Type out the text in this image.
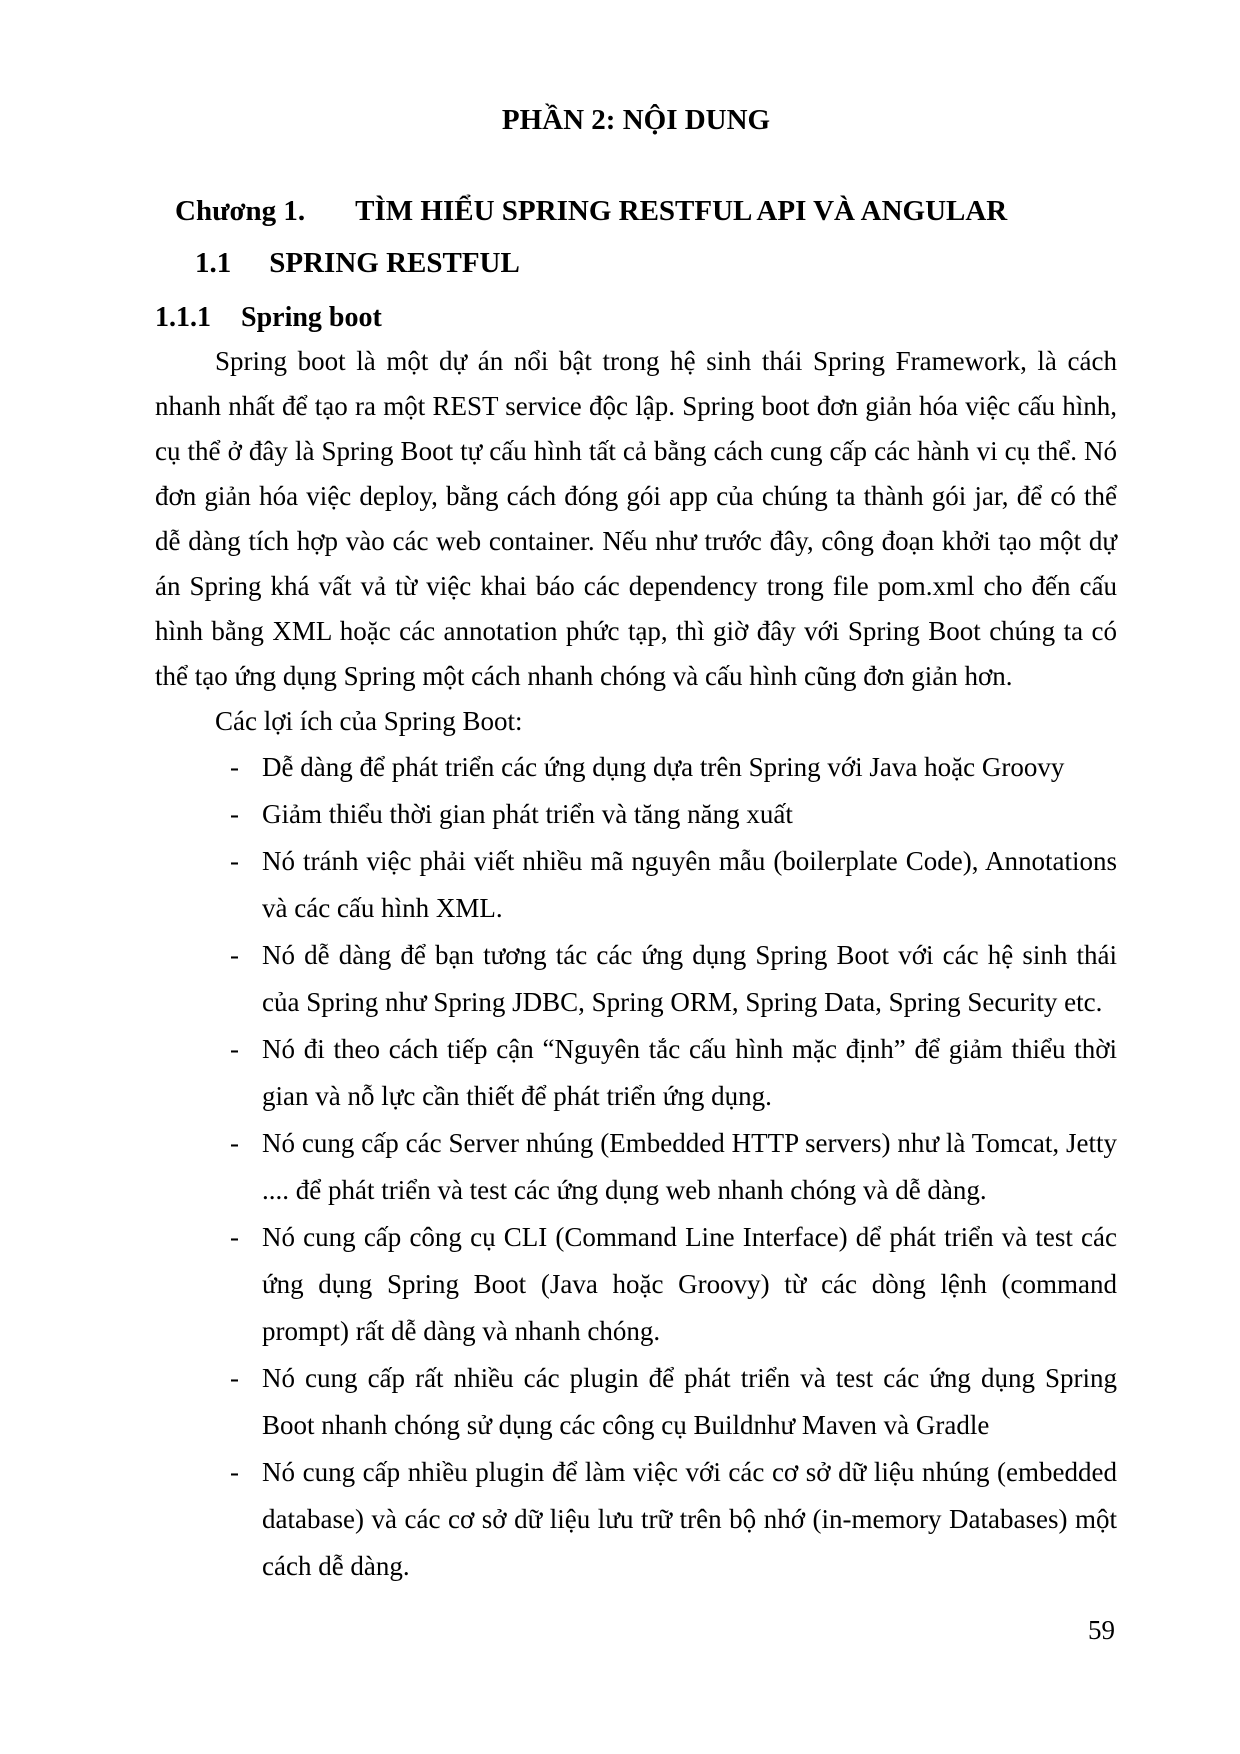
PHẦN 2: NỘI DUNG
Chương 1. TÌM HIỂU SPRING RESTFUL API VÀ ANGULAR
1.1 SPRING RESTFUL
1.1.1 Spring boot

Spring boot là một dự án nổi bật trong hệ sinh thái Spring Framework, là cách nhanh nhất để tạo ra một REST service độc lập. Spring boot đơn giản hóa việc cấu hình, cụ thể ở đây là Spring Boot tự cấu hình tất cả bằng cách cung cấp các hành vi cụ thể. Nó đơn giản hóa việc deploy, bằng cách đóng gói app của chúng ta thành gói jar, để có thể dễ dàng tích hợp vào các web container. Nếu như trước đây, công đoạn khởi tạo một dự án Spring khá vất vả từ việc khai báo các dependency trong file pom.xml cho đến cấu hình bằng XML hoặc các annotation phức tạp, thì giờ đây với Spring Boot chúng ta có thể tạo ứng dụng Spring một cách nhanh chóng và cấu hình cũng đơn giản hơn.

Các lợi ích của Spring Boot:

- Dễ dàng để phát triển các ứng dụng dựa trên Spring với Java hoặc Groovy
- Giảm thiểu thời gian phát triển và tăng năng xuất
- Nó tránh việc phải viết nhiều mã nguyên mẫu (boilerplate Code), Annotations và các cấu hình XML.
- Nó dễ dàng để bạn tương tác các ứng dụng Spring Boot với các hệ sinh thái của Spring như Spring JDBC, Spring ORM, Spring Data, Spring Security etc.
- Nó đi theo cách tiếp cận “Nguyên tắc cấu hình mặc định” để giảm thiểu thời gian và nỗ lực cần thiết để phát triển ứng dụng.
- Nó cung cấp các Server nhúng (Embedded HTTP servers) như là Tomcat, Jetty .... để phát triển và test các ứng dụng web nhanh chóng và dễ dàng.
- Nó cung cấp công cụ CLI (Command Line Interface) dể phát triển và test các ứng dụng Spring Boot (Java hoặc Groovy) từ các dòng lệnh (command prompt) rất dễ dàng và nhanh chóng.
- Nó cung cấp rất nhiều các plugin để phát triển và test các ứng dụng Spring Boot nhanh chóng sử dụng các công cụ Buildnhư Maven và Gradle
- Nó cung cấp nhiều plugin để làm việc với các cơ sở dữ liệu nhúng (embedded database) và các cơ sở dữ liệu lưu trữ trên bộ nhớ (in-memory Databases) một cách dễ dàng.
59
